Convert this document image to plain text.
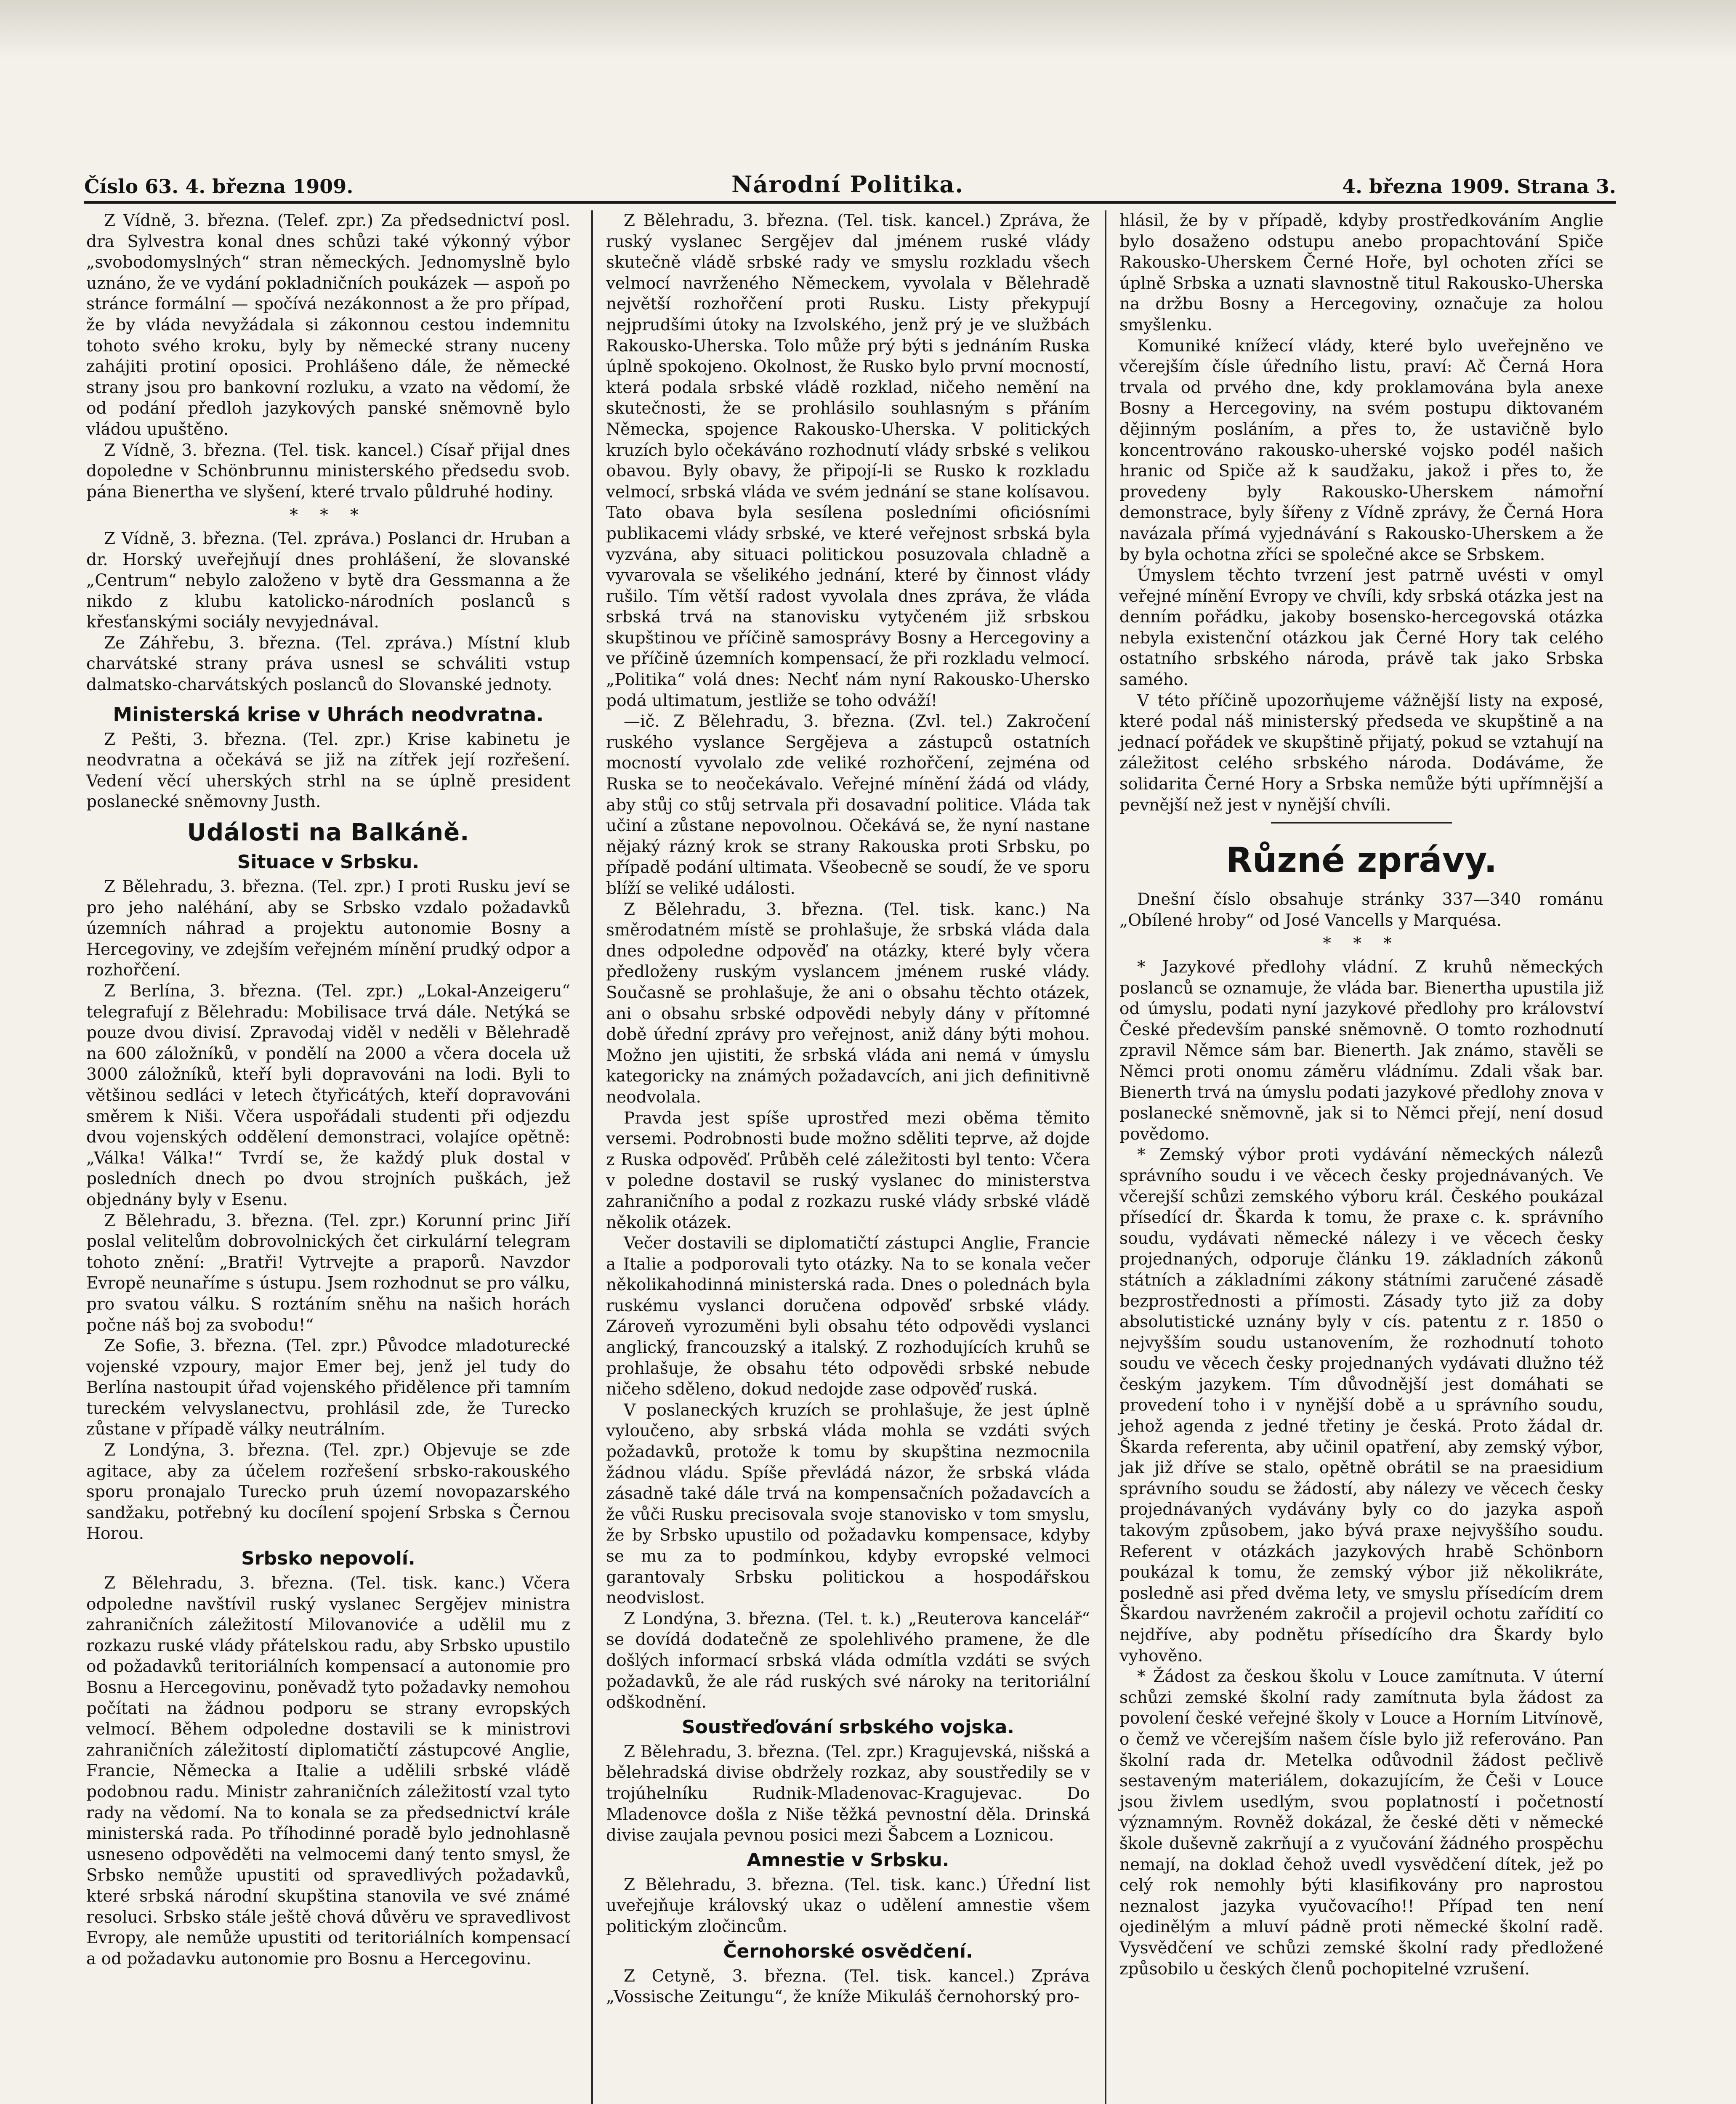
Číslo 63. 4. března 1909.	Národní Politika.	4. března 1909. Strana 3.

Z Vídně, 3. března. (Telef. zpr.) Za předsednictví posl. dra Sylvestra konal dnes schůzi také výkonný výbor „svobodomyslných“ stran německých. Jednomyslně bylo uznáno, že ve vydání pokladničních poukázek — aspoň po stránce formální — spočívá nezákonnost a že pro případ, že by vláda nevyžádala si zákonnou cestou indemnitu tohoto svého kroku, byly by německé strany nuceny zahájiti protiní oposici. Prohlášeno dále, že německé strany jsou pro bankovní rozluku, a vzato na vědomí, že od podání předloh jazykových panské sněmovně bylo vládou upuštěno.

Z Vídně, 3. března. (Tel. tisk. kancel.) Císař přijal dnes dopoledne v Schönbrunnu ministerského předsedu svob. pána Bienertha ve slyšení, které trvalo půldruhé hodiny.

* * *

Z Vídně, 3. března. (Tel. zpráva.) Poslanci dr. Hruban a dr. Horský uveřejňují dnes prohlášení, že slovanské „Centrum“ nebylo založeno v bytě dra Gessmanna a že nikdo z klubu katolicko-národních poslanců s křesťanskými sociály nevyjednával.

Ze Záhřebu, 3. března. (Tel. zpráva.) Místní klub charvátské strany práva usnesl se schváliti vstup dalmatsko-charvátských poslanců do Slovanské jednoty.

Ministerská krise v Uhrách neodvratna.

Z Pešti, 3. března. (Tel. zpr.) Krise kabinetu je neodvratna a očekává se již na zítřek její rozřešení. Vedení věcí uherských strhl na se úplně president poslanecké sněmovny Justh.

Události na Balkáně.
Situace v Srbsku.

Z Bělehradu, 3. března. (Tel. zpr.) I proti Rusku jeví se pro jeho naléhání, aby se Srbsko vzdalo požadavků územních náhrad a projektu autonomie Bosny a Hercegoviny, ve zdejším veřejném mínění prudký odpor a rozhořčení.

Z Berlína, 3. března. (Tel. zpr.) „Lokal-Anzeigeru“ telegrafují z Bělehradu: Mobilisace trvá dále. Netýká se pouze dvou divisí. Zpravodaj viděl v neděli v Bělehradě na 600 záložníků, v pondělí na 2000 a včera docela už 3000 záložníků, kteří byli dopravováni na lodi. Byli to většinou sedláci v letech čtyřicátých, kteří dopravováni směrem k Niši. Včera uspořádali studenti při odjezdu dvou vojenských oddělení demonstraci, volajíce opětně: „Válka! Válka!“ Tvrdí se, že každý pluk dostal v posledních dnech po dvou strojních puškách, jež objednány byly v Esenu.

Z Bělehradu, 3. března. (Tel. zpr.) Korunní princ Jiří poslal velitelům dobrovolnických čet cirkulární telegram tohoto znění: „Bratři! Vytrvejte a praporů. Navzdor Evropě neunaříme s ústupu. Jsem rozhodnut se pro válku, pro svatou válku. S roztáním sněhu na našich horách počne náš boj za svobodu!“

Ze Sofie, 3. března. (Tel. zpr.) Původce mladoturecké vojenské vzpoury, major Emer bej, jenž jel tudy do Berlína nastoupit úřad vojenského přidělence při tamním tureckém velvyslanectvu, prohlásil zde, že Turecko zůstane v případě války neutrálním.

Z Londýna, 3. března. (Tel. zpr.) Objevuje se zde agitace, aby za účelem rozřešení srbsko-rakouského sporu pronajalo Turecko pruh území novopazarského sandžaku, potřebný ku docílení spojení Srbska s Černou Horou.

Srbsko nepovolí.

Z Bělehradu, 3. března. (Tel. tisk. kanc.) Včera odpoledne navštívil ruský vyslanec Sergějev ministra zahraničních záležitostí Milovanoviće a udělil mu z rozkazu ruské vlády přátelskou radu, aby Srbsko upustilo od požadavků teritoriálních kompensací a autonomie pro Bosnu a Hercegovinu, poněvadž tyto požadavky nemohou počítati na žádnou podporu se strany evropských velmocí. Během odpoledne dostavili se k ministrovi zahraničních záležitostí diplomatičtí zástupcové Anglie, Francie, Německa a Italie a udělili srbské vládě podobnou radu. Ministr zahraničních záležitostí vzal tyto rady na vědomí. Na to konala se za předsednictví krále ministerská rada. Po tříhodinné poradě bylo jednohlasně usneseno odpověděti na velmocemi daný tento smysl, že Srbsko nemůže upustiti od spravedlivých požadavků, které srbská národní skupština stanovila ve své známé resoluci. Srbsko stále ještě chová důvěru ve spravedlivost Evropy, ale nemůže upustiti od teritoriálních kompensací a od požadavku autonomie pro Bosnu a Hercegovinu.

Z Bělehradu, 3. března. (Tel. tisk. kancel.) Zpráva, že ruský vyslanec Sergějev dal jménem ruské vlády skutečně vládě srbské rady ve smyslu rozkladu všech velmocí navrženého Německem, vyvolala v Bělehradě největší rozhořčení proti Rusku. Listy překypují nejprudšími útoky na Izvolského, jenž prý je ve službách Rakousko-Uherska. Tolo může prý býti s jednáním Ruska úplně spokojeno. Okolnost, že Rusko bylo první mocností, která podala srbské vládě rozklad, ničeho nemění na skutečnosti, že se prohlásilo souhlasným s přáním Německa, spojence Rakousko-Uherska. V politických kruzích bylo očekáváno rozhodnutí vlády srbské s velikou obavou. Byly obavy, že připojí-li se Rusko k rozkladu velmocí, srbská vláda ve svém jednání se stane kolísavou. Tato obava byla sesílena posledními oficiósními publikacemi vlády srbské, ve které veřejnost srbská byla vyzvána, aby situaci politickou posuzovala chladně a vyvarovala se všelikého jednání, které by činnost vlády rušilo. Tím větší radost vyvolala dnes zpráva, že vláda srbská trvá na stanovisku vytyčeném již srbskou skupštinou ve příčině samosprávy Bosny a Hercegoviny a ve příčině územních kompensací, že při rozkladu velmocí. „Politika“ volá dnes: Nechť nám nyní Rakousko-Uhersko podá ultimatum, jestliže se toho odváží!

—ič. Z Bělehradu, 3. března. (Zvl. tel.) Zakročení ruského vyslance Sergějeva a zástupců ostatních mocností vyvolalo zde veliké rozhořčení, zejména od Ruska se to neočekávalo. Veřejné mínění žádá od vlády, aby stůj co stůj setrvala při dosavadní politice. Vláda tak učiní a zůstane nepovolnou. Očekává se, že nyní nastane nějaký rázný krok se strany Rakouska proti Srbsku, po případě podání ultimata. Všeobecně se soudí, že ve sporu blíží se veliké události.

Z Bělehradu, 3. března. (Tel. tisk. kanc.) Na směrodatném místě se prohlašuje, že srbská vláda dala dnes odpoledne odpověď na otázky, které byly včera předloženy ruským vyslancem jménem ruské vlády. Současně se prohlašuje, že ani o obsahu těchto otázek, ani o obsahu srbské odpovědi nebyly dány v přítomné době úřední zprávy pro veřejnost, aniž dány býti mohou. Možno jen ujistiti, že srbská vláda ani nemá v úmyslu kategoricky na známých požadavcích, ani jich definitivně neodvolala.

Pravda jest spíše uprostřed mezi oběma těmito versemi. Podrobnosti bude možno sděliti teprve, až dojde z Ruska odpověď. Průběh celé záležitosti byl tento: Včera v poledne dostavil se ruský vyslanec do ministerstva zahraničního a podal z rozkazu ruské vlády srbské vládě několik otázek.

Večer dostavili se diplomatičtí zástupci Anglie, Francie a Italie a podporovali tyto otázky. Na to se konala večer několikahodinná ministerská rada. Dnes o polednách byla ruskému vyslanci doručena odpověď srbské vlády. Zároveň vyrozuměni byli obsahu této odpovědi vyslanci anglický, francouzský a italský. Z rozhodujících kruhů se prohlašuje, že obsahu této odpovědi srbské nebude ničeho sděleno, dokud nedojde zase odpověď ruská.

V poslaneckých kruzích se prohlašuje, že jest úplně vyloučeno, aby srbská vláda mohla se vzdáti svých požadavků, protože k tomu by skupština nezmocnila žádnou vládu. Spíše převládá názor, že srbská vláda zásadně také dále trvá na kompensačních požadavcích a že vůči Rusku precisovala svoje stanovisko v tom smyslu, že by Srbsko upustilo od požadavku kompensace, kdyby se mu za to podmínkou, kdyby evropské velmoci garantovaly Srbsku politickou a hospodářskou neodvislost.

Z Londýna, 3. března. (Tel. t. k.) „Reuterova kancelář“ se dovídá dodatečně ze spolehlivého pramene, že dle došlých informací srbská vláda odmítla vzdáti se svých požadavků, že ale rád ruských své nároky na teritoriální odškodnění.

Soustřeďování srbského vojska.

Z Bělehradu, 3. března. (Tel. zpr.) Kragujevská, nišská a bělehradská divise obdržely rozkaz, aby soustředily se v trojúhelníku Rudnik-Mladenovac-Kragujevac. Do Mladenovce došla z Niše těžká pevnostní děla. Drinská divise zaujala pevnou posici mezi Šabcem a Loznicou.

Amnestie v Srbsku.

Z Bělehradu, 3. března. (Tel. tisk. kanc.) Úřední list uveřejňuje královský ukaz o udělení amnestie všem politickým zločincům.

Černohorské osvědčení.

Z Cetyně, 3. března. (Tel. tisk. kancel.) Zpráva „Vossische Zeitungu“, že kníže Mikuláš černohorský pro-

hlásil, že by v případě, kdyby prostředkováním Anglie bylo dosaženo odstupu anebo propachtování Spiče Rakousko-Uherskem Černé Hoře, byl ochoten zříci se úplně Srbska a uznati slavnostně titul Rakousko-Uherska na držbu Bosny a Hercegoviny, označuje za holou smyšlenku.

Komuniké knížecí vlády, které bylo uveřejněno ve včerejším čísle úředního listu, praví: Ač Černá Hora trvala od prvého dne, kdy proklamována byla anexe Bosny a Hercegoviny, na svém postupu diktovaném dějinným posláním, a přes to, že ustavičně bylo koncentrováno rakousko-uherské vojsko podél našich hranic od Spiče až k saudžaku, jakož i přes to, že provedeny byly Rakousko-Uherskem námořní demonstrace, byly šířeny z Vídně zprávy, že Černá Hora navázala přímá vyjednávání s Rakousko-Uherskem a že by byla ochotna zříci se společné akce se Srbskem.

Úmyslem těchto tvrzení jest patrně uvésti v omyl veřejné mínění Evropy ve chvíli, kdy srbská otázka jest na denním pořádku, jakoby bosensko-hercegovská otázka nebyla existenční otázkou jak Černé Hory tak celého ostatního srbského národa, právě tak jako Srbska samého.

V této příčině upozorňujeme vážnější listy na exposé, které podal náš ministerský předseda ve skupštině a na jednací pořádek ve skupštině přijatý, pokud se vztahují na záležitost celého srbského národa. Dodáváme, že solidarita Černé Hory a Srbska nemůže býti upřímnější a pevnější než jest v nynější chvíli.

Různé zprávy.

Dnešní číslo obsahuje stránky 337—340 románu „Obílené hroby“ od José Vancells y Marquésa.

* * *

* Jazykové předlohy vládní. Z kruhů německých poslanců se oznamuje, že vláda bar. Bienertha upustila již od úmyslu, podati nyní jazykové předlohy pro království České především panské sněmovně. O tomto rozhodnutí zpravil Němce sám bar. Bienerth. Jak známo, stavěli se Němci proti onomu záměru vládnímu. Zdali však bar. Bienerth trvá na úmyslu podati jazykové předlohy znova v poslanecké sněmovně, jak si to Němci přejí, není dosud povědomo.

* Zemský výbor proti vydávání německých nálezů správního soudu i ve věcech česky projednávaných. Ve včerejší schůzi zemského výboru král. Českého poukázal přísedící dr. Škarda k tomu, že praxe c. k. správního soudu, vydávati německé nálezy i ve věcech česky projednaných, odporuje článku 19. základních zákonů státních a základními zákony státními zaručené zásadě bezprostřednosti a přímosti. Zásady tyto již za doby absolutistické uznány byly v cís. patentu z r. 1850 o nejvyšším soudu ustanovením, že rozhodnutí tohoto soudu ve věcech česky projednaných vydávati dlužno též českým jazykem. Tím důvodnější jest domáhati se provedení toho i v nynější době a u správního soudu, jehož agenda z jedné třetiny je česká. Proto žádal dr. Škarda referenta, aby učinil opatření, aby zemský výbor, jak již dříve se stalo, opětně obrátil se na praesidium správního soudu se žádostí, aby nálezy ve věcech česky projednávaných vydávány byly co do jazyka aspoň takovým způsobem, jako bývá praxe nejvyššího soudu. Referent v otázkách jazykových hrabě Schönborn poukázal k tomu, že zemský výbor již několikráte, posledně asi před dvěma lety, ve smyslu přísedícím drem Škardou navrženém zakročil a projevil ochotu zařídití co nejdříve, aby podnětu přísedícího dra Škardy bylo vyhověno.

* Žádost za českou školu v Louce zamítnuta. V úterní schůzi zemské školní rady zamítnuta byla žádost za povolení české veřejné školy v Louce a Horním Litvínově, o čemž ve včerejším našem čísle bylo již referováno. Pan školní rada dr. Metelka odůvodnil žádost pečlivě sestaveným materiálem, dokazujícím, že Češi v Louce jsou živlem usedlým, svou poplatností i početností významným. Rovněž dokázal, že české děti v německé škole duševně zakrňují a z vyučování žádného prospěchu nemají, na doklad čehož uvedl vysvědčení dítek, jež po celý rok nemohly býti klasifikovány pro naprostou neznalost jazyka vyučovacího!! Případ ten není ojedinělým a mluví pádně proti německé školní radě. Vysvědčení ve schůzi zemské školní rady předložené způsobilo u českých členů pochopitelné vzrušení.
